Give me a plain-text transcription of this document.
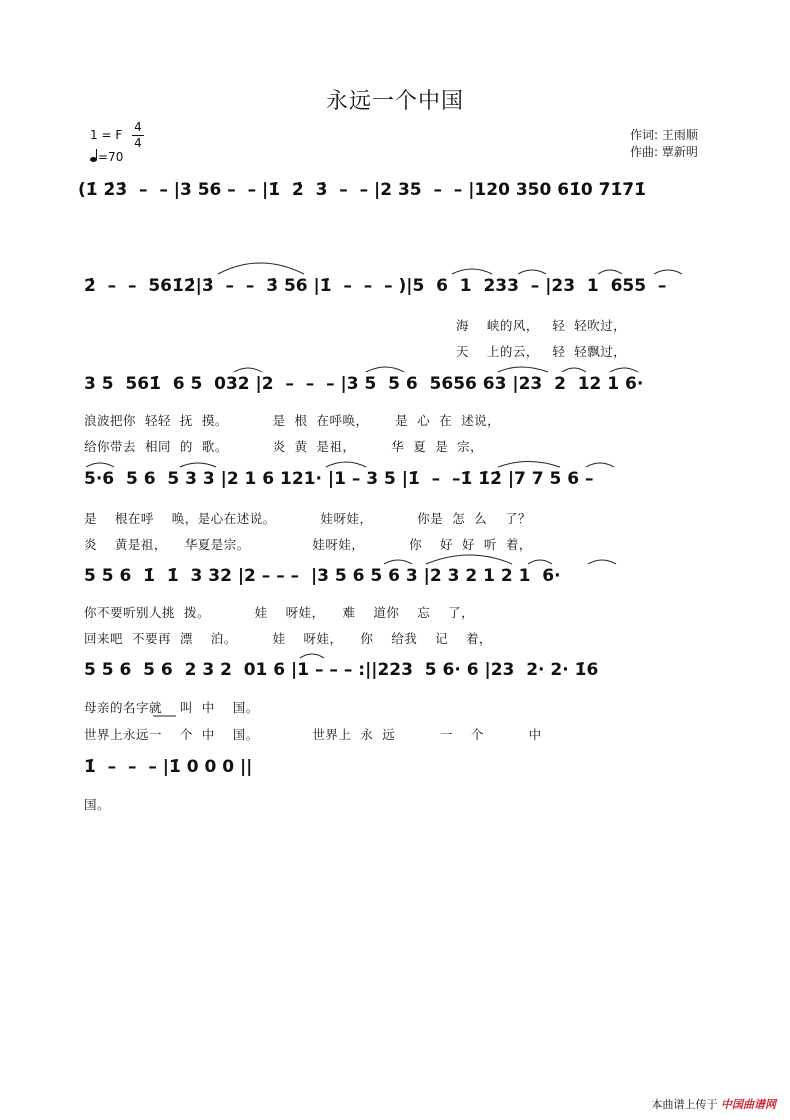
永远一个中国
1 = F
4
4
=70
作词: 王雨顺
作曲: 覃新明
(1̇ 2̇3̇  –  – |3 56 –  – |1̇  2̇  3̇  –  – |2 35  –  – |120 350 61̇0 7̇1̇7̇1̇
2̇  –  –  561̇2̇|3̇  –  –  3̇ 56 |1̇  –  –  – )|5  6  1  233  – |23  1  655  –
海    峡的风，   轻  轻吹过，
天    上的云，   轻  轻飘过，
3 5  561̇  6 5  032 |2  –  –  – |3 5  5 6  5656 63 |23  2  12 1 6·
浪波把你  轻轻  抚  摸。          是  根  在呼唤，      是  心  在  述说，
给你带去  相同  的  歌。          炎  黄  是祖，        华  夏  是  宗，
5·6  5 6  5 3 3 |2 1 6 121· |1 – 3 5 |1̇  –  –1̇ 1̇2̇ |7 7 5 6 –
是    根在呼    唤，是心在述说。          娃呀娃，          你是  怎  么    了？
炎    黄是祖，    华夏是宗。              娃呀娃，          你    好  好  听  着，
5 5 6  1̇  1̇  3 32 |2 – – –  |3 5 6 5 6 3 |2 3 2 1 2 1  6·
你不要听别人挑  拨。          娃    呀娃，    难    道你    忘    了，
回来吧  不要再  漂    泊。        娃    呀娃，    你    给我    记    着，
5 5 6  5 6  2 3 2  01 6 |1 – – – :||223  5 6· 6 |23  2· 2· 1̇6
母亲的名字就    叫  中    国。
世界上永远一    个  中    国。            世界上  永  远          一    个          中
1̇  –  –  – |1̇ 0 0 0 ||
国。
本曲谱上传于 中国曲谱网
